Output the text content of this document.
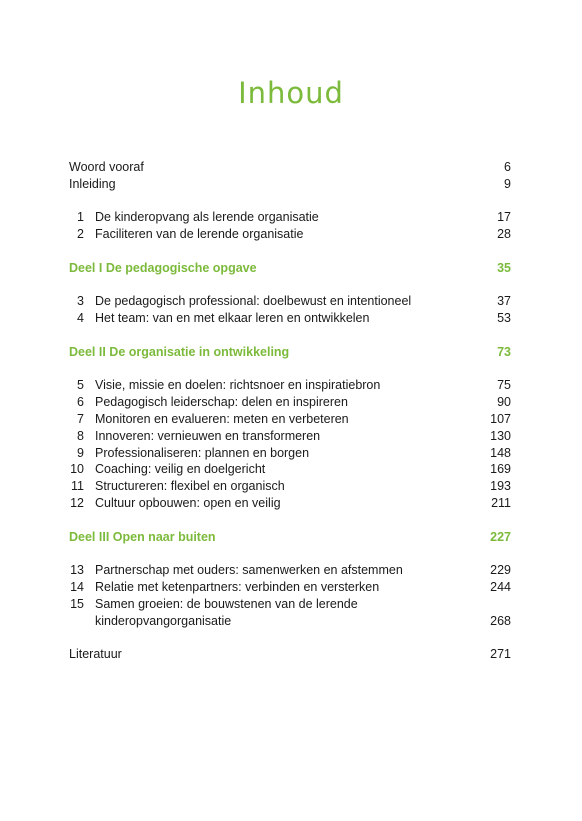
Inhoud
Woord vooraf	6
Inleiding	9
1 De kinderopvang als lerende organisatie	17
2 Faciliteren van de lerende organisatie	28
Deel I De pedagogische opgave	35
3 De pedagogisch professional: doelbewust en intentioneel	37
4 Het team: van en met elkaar leren en ontwikkelen	53
Deel II De organisatie in ontwikkeling	73
5 Visie, missie en doelen: richtsnoer en inspiratiebron	75
6 Pedagogisch leiderschap: delen en inspireren	90
7 Monitoren en evalueren: meten en verbeteren	107
8 Innoveren: vernieuwen en transformeren	130
9 Professionaliseren: plannen en borgen	148
10 Coaching: veilig en doelgericht	169
11 Structureren: flexibel en organisch	193
12 Cultuur opbouwen: open en veilig	211
Deel III Open naar buiten	227
13 Partnerschap met ouders: samenwerken en afstemmen	229
14 Relatie met ketenpartners: verbinden en versterken	244
15 Samen groeien: de bouwstenen van de lerende
kinderopvangorganisatie	268
Literatuur	271
